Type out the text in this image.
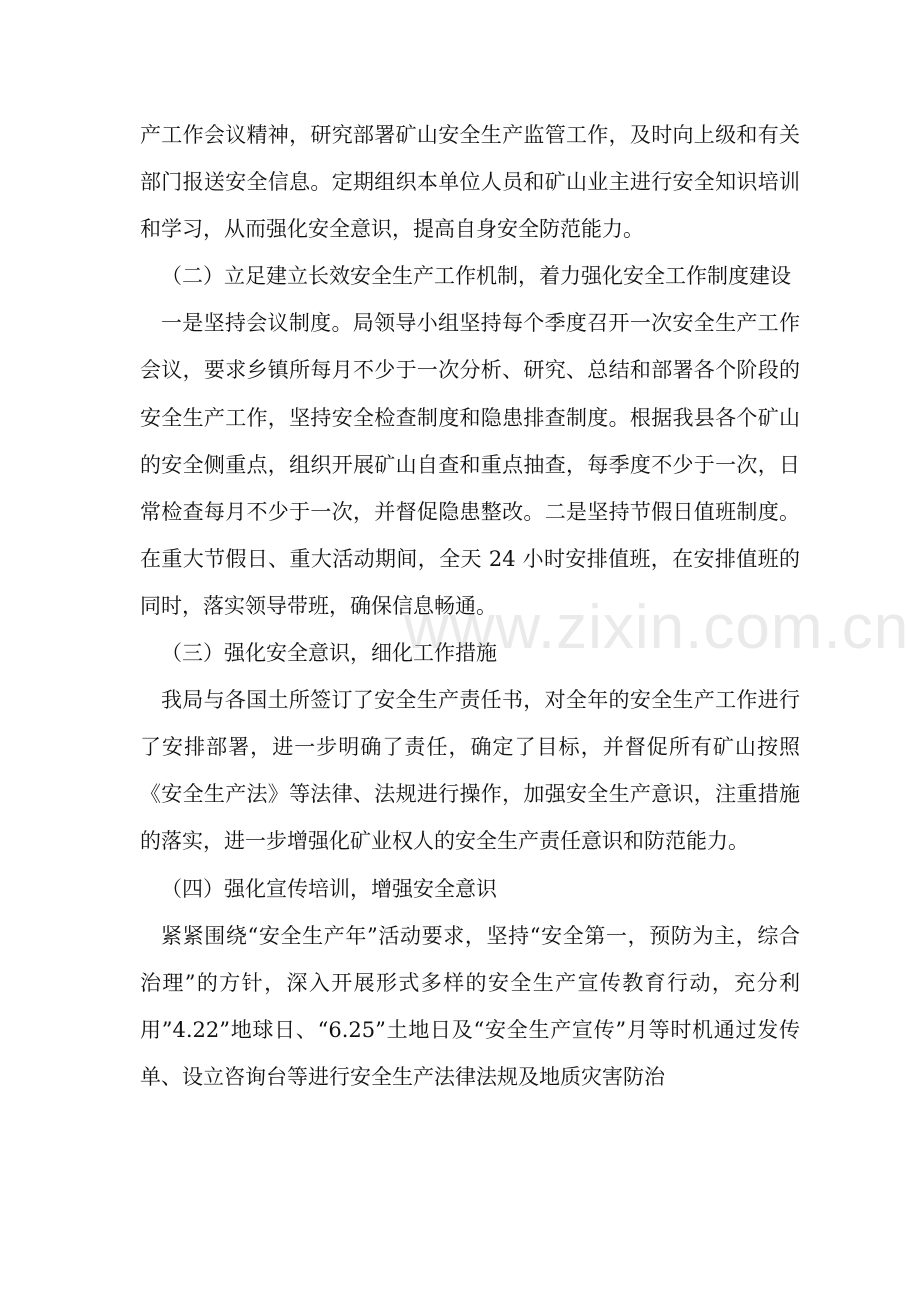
产工作会议精神，研究部署矿山安全生产监管工作，及时向上级和有关部门报送安全信息。定期组织本单位人员和矿山业主进行安全知识培训和学习，从而强化安全意识，提高自身安全防范能力。

（二）立足建立长效安全生产工作机制，着力强化安全工作制度建设

一是坚持会议制度。局领导小组坚持每个季度召开一次安全生产工作会议，要求乡镇所每月不少于一次分析、研究、总结和部署各个阶段的安全生产工作，坚持安全检查制度和隐患排查制度。根据我县各个矿山的安全侧重点，组织开展矿山自查和重点抽查，每季度不少于一次，日常检查每月不少于一次，并督促隐患整改。二是坚持节假日值班制度。在重大节假日、重大活动期间，全天 24 小时安排值班，在安排值班的同时，落实领导带班，确保信息畅通。

（三）强化安全意识，细化工作措施

我局与各国土所签订了安全生产责任书，对全年的安全生产工作进行了安排部署，进一步明确了责任，确定了目标，并督促所有矿山按照《安全生产法》等法律、法规进行操作，加强安全生产意识，注重措施的落实，进一步增强化矿业权人的安全生产责任意识和防范能力。

（四）强化宣传培训，增强安全意识

紧紧围绕“安全生产年”活动要求，坚持“安全第一，预防为主，综合治理”的方针，深入开展形式多样的安全生产宣传教育行动，充分利用”4.22”地球日、“6.25”土地日及“安全生产宣传”月等时机通过发传单、设立咨询台等进行安全生产法律法规及地质灾害防治

www.zixin.com.cn
